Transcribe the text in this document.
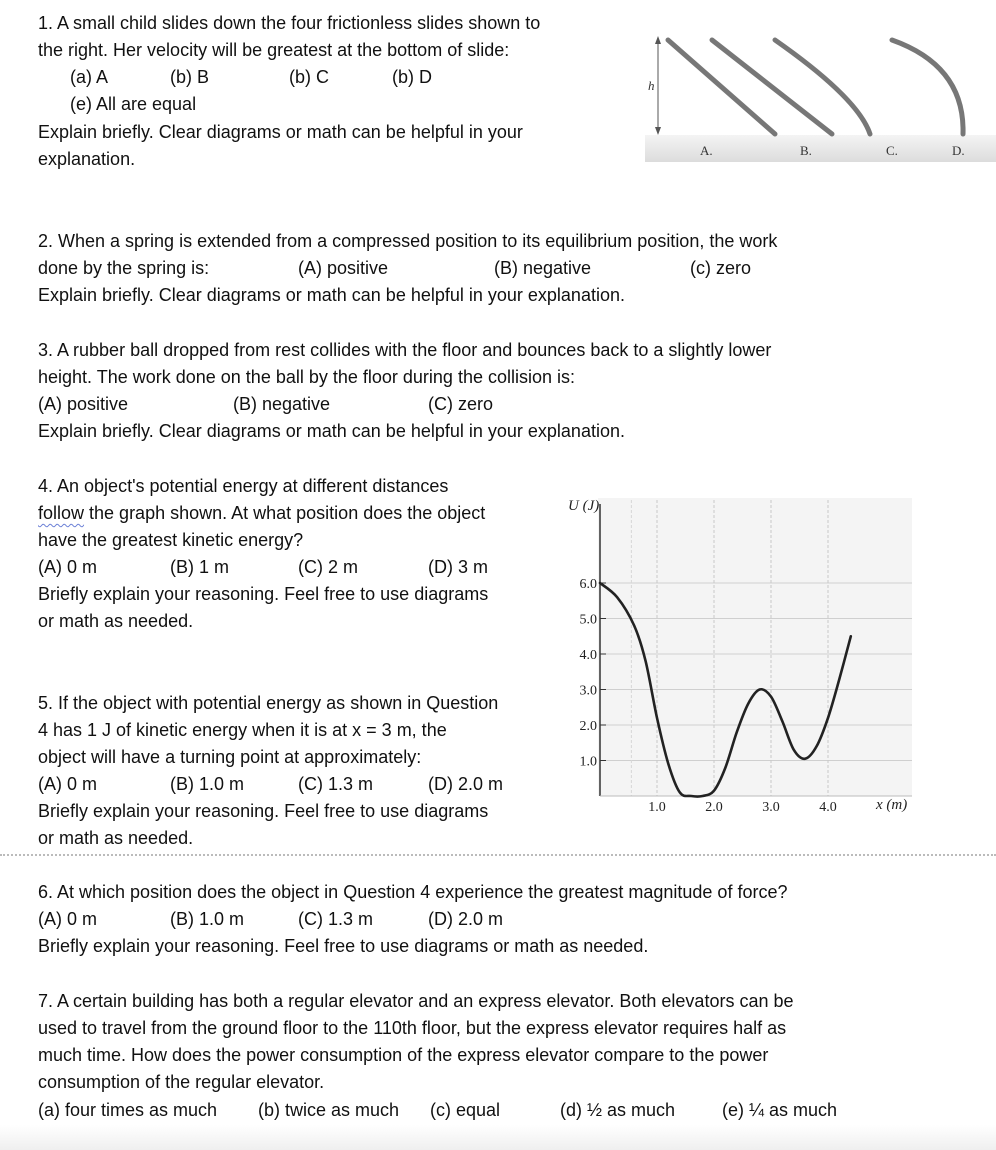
1. A small child slides down the four frictionless slides shown to
the right. Her velocity will be greatest at the bottom of slide:
(a) A	(b) B	(b) C	(b) D
(e) All are equal
Explain briefly. Clear diagrams or math can be helpful in your
explanation.
h
A.	B.	C.	D.
2. When a spring is extended from a compressed position to its equilibrium position, the work
done by the spring is:	(A) positive	(B) negative	(c) zero
Explain briefly. Clear diagrams or math can be helpful in your explanation.
3. A rubber ball dropped from rest collides with the floor and bounces back to a slightly lower
height. The work done on the ball by the floor during the collision is:
(A) positive	(B) negative	(C) zero
Explain briefly. Clear diagrams or math can be helpful in your explanation.
4. An object's potential energy at different distances
follow the graph shown. At what position does the object
have the greatest kinetic energy?
(A) 0 m	(B) 1 m	(C) 2 m	(D) 3 m
Briefly explain your reasoning. Feel free to use diagrams
or math as needed.
5. If the object with potential energy as shown in Question
4 has 1 J of kinetic energy when it is at x = 3 m, the
object will have a turning point at approximately:
(A) 0 m	(B) 1.0 m	(C) 1.3 m	(D) 2.0 m
Briefly explain your reasoning. Feel free to use diagrams
or math as needed.
1.0
2.0
3.0
4.0
5.0
6.0
1.0	2.0	3.0	4.0
U (J)
x (m)
6. At which position does the object in Question 4 experience the greatest magnitude of force?
(A) 0 m	(B) 1.0 m	(C) 1.3 m	(D) 2.0 m
Briefly explain your reasoning. Feel free to use diagrams or math as needed.
7. A certain building has both a regular elevator and an express elevator. Both elevators can be
used to travel from the ground floor to the 110th floor, but the express elevator requires half as
much time. How does the power consumption of the express elevator compare to the power
consumption of the regular elevator.
(a) four times as much (b) twice as much (c) equal	(d) ½ as much	(e) ¼ as much
